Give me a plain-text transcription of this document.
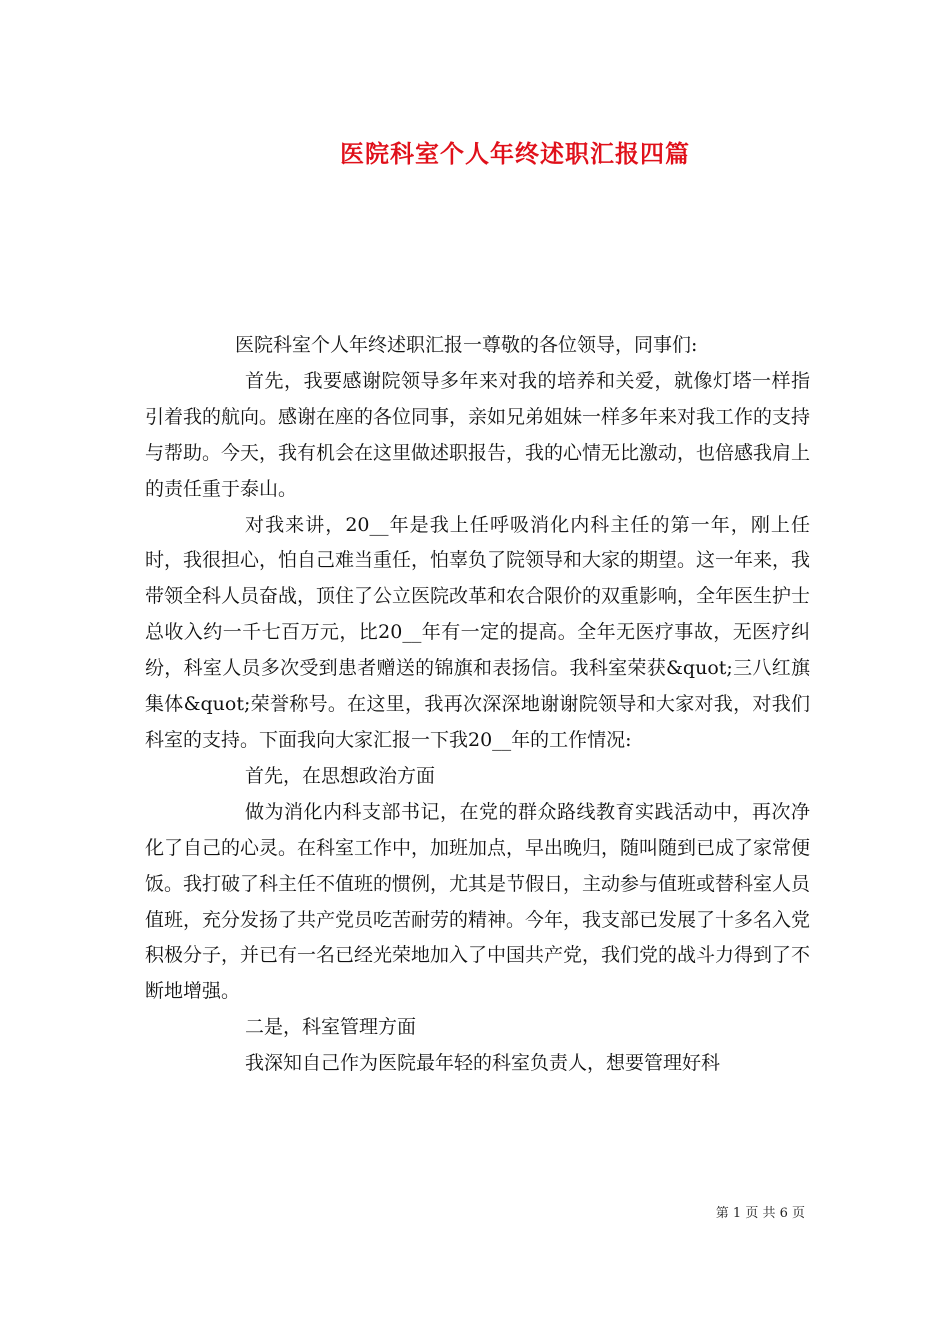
医院科室个人年终述职汇报四篇

医院科室个人年终述职汇报一尊敬的各位领导，同事们:

首先，我要感谢院领导多年来对我的培养和关爱，就像灯塔一样指引着我的航向。感谢在座的各位同事，亲如兄弟姐妹一样多年来对我工作的支持与帮助。今天，我有机会在这里做述职报告，我的心情无比激动，也倍感我肩上的责任重于泰山。

对我来讲，20__年是我上任呼吸消化内科主任的第一年，刚上任时，我很担心，怕自己难当重任，怕辜负了院领导和大家的期望。这一年来，我带领全科人员奋战，顶住了公立医院改革和农合限价的双重影响，全年医生护士总收入约一千七百万元，比20__年有一定的提高。全年无医疗事故，无医疗纠纷，科室人员多次受到患者赠送的锦旗和表扬信。我科室荣获&quot;三八红旗集体&quot;荣誉称号。在这里，我再次深深地谢谢院领导和大家对我，对我们科室的支持。下面我向大家汇报一下我20__年的工作情况:

首先，在思想政治方面

做为消化内科支部书记，在党的群众路线教育实践活动中，再次净化了自己的心灵。在科室工作中，加班加点，早出晚归，随叫随到已成了家常便饭。我打破了科主任不值班的惯例，尤其是节假日，主动参与值班或替科室人员值班，充分发扬了共产党员吃苦耐劳的精神。今年，我支部已发展了十多名入党积极分子，并已有一名已经光荣地加入了中国共产党，我们党的战斗力得到了不断地增强。

二是，科室管理方面

我深知自己作为医院最年轻的科室负责人，想要管理好科

第 1 页 共 6 页
